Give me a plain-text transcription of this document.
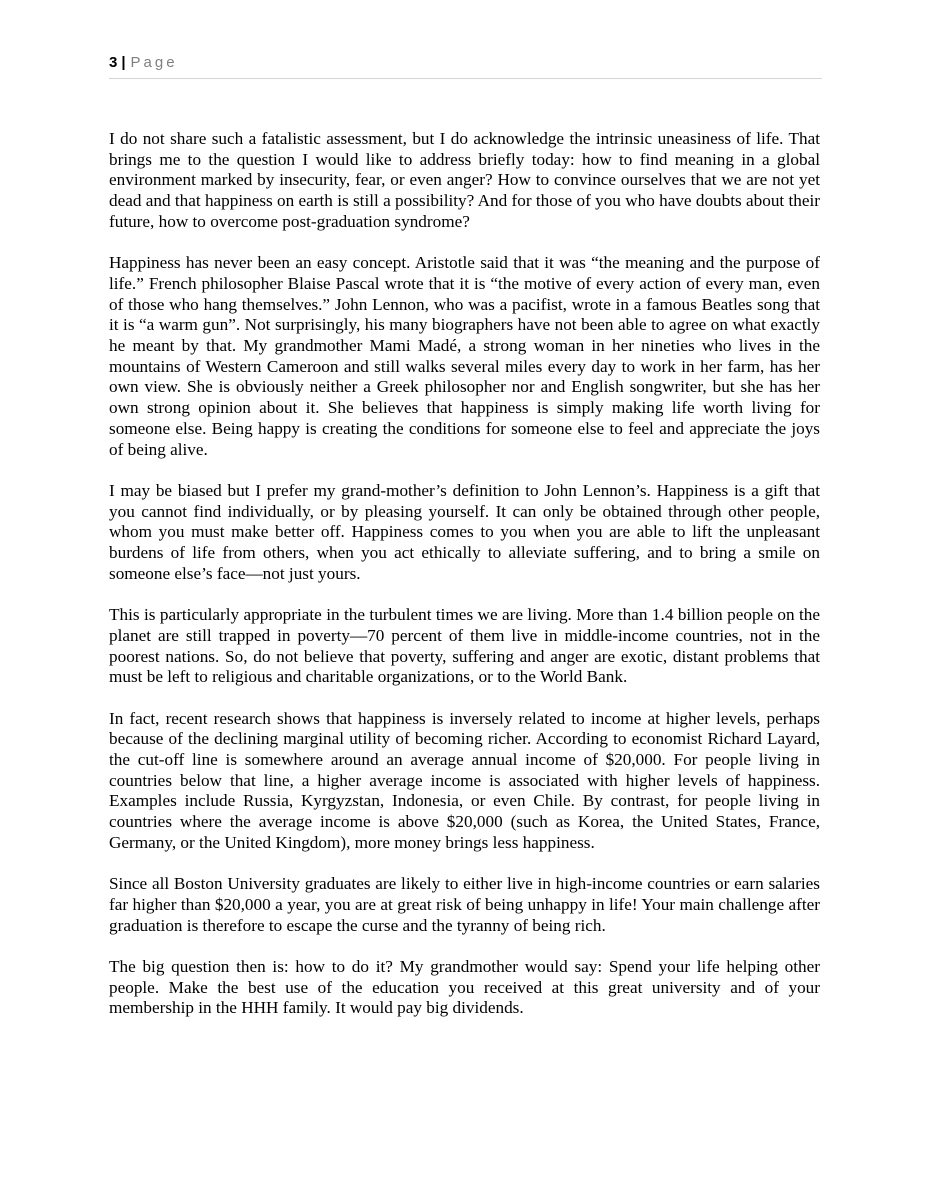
3 | Page

I do not share such a fatalistic assessment, but I do acknowledge the intrinsic uneasiness of life. That brings me to the question I would like to address briefly today: how to find meaning in a global environment marked by insecurity, fear, or even anger? How to convince ourselves that we are not yet dead and that happiness on earth is still a possibility? And for those of you who have doubts about their future, how to overcome post-graduation syndrome?

Happiness has never been an easy concept. Aristotle said that it was “the meaning and the purpose of life.” French philosopher Blaise Pascal wrote that it is “the motive of every action of every man, even of those who hang themselves.” John Lennon, who was a pacifist, wrote in a famous Beatles song that it is “a warm gun”. Not surprisingly, his many biographers have not been able to agree on what exactly he meant by that. My grandmother Mami Madé, a strong woman in her nineties who lives in the mountains of Western Cameroon and still walks several miles every day to work in her farm, has her own view. She is obviously neither a Greek philosopher nor and English songwriter, but she has her own strong opinion about it. She believes that happiness is simply making life worth living for someone else. Being happy is creating the conditions for someone else to feel and appreciate the joys of being alive.

I may be biased but I prefer my grand-mother’s definition to John Lennon’s. Happiness is a gift that you cannot find individually, or by pleasing yourself. It can only be obtained through other people, whom you must make better off. Happiness comes to you when you are able to lift the unpleasant burdens of life from others, when you act ethically to alleviate suffering, and to bring a smile on someone else’s face—not just yours.

This is particularly appropriate in the turbulent times we are living. More than 1.4 billion people on the planet are still trapped in poverty—70 percent of them live in middle-income countries, not in the poorest nations. So, do not believe that poverty, suffering and anger are exotic, distant problems that must be left to religious and charitable organizations, or to the World Bank.

In fact, recent research shows that happiness is inversely related to income at higher levels, perhaps because of the declining marginal utility of becoming richer. According to economist Richard Layard, the cut-off line is somewhere around an average annual income of $20,000. For people living in countries below that line, a higher average income is associated with higher levels of happiness. Examples include Russia, Kyrgyzstan, Indonesia, or even Chile. By contrast, for people living in countries where the average income is above $20,000 (such as Korea, the United States, France, Germany, or the United Kingdom), more money brings less happiness.

Since all Boston University graduates are likely to either live in high-income countries or earn salaries far higher than $20,000 a year, you are at great risk of being unhappy in life! Your main challenge after graduation is therefore to escape the curse and the tyranny of being rich.

The big question then is: how to do it? My grandmother would say: Spend your life helping other people. Make the best use of the education you received at this great university and of your membership in the HHH family. It would pay big dividends.
